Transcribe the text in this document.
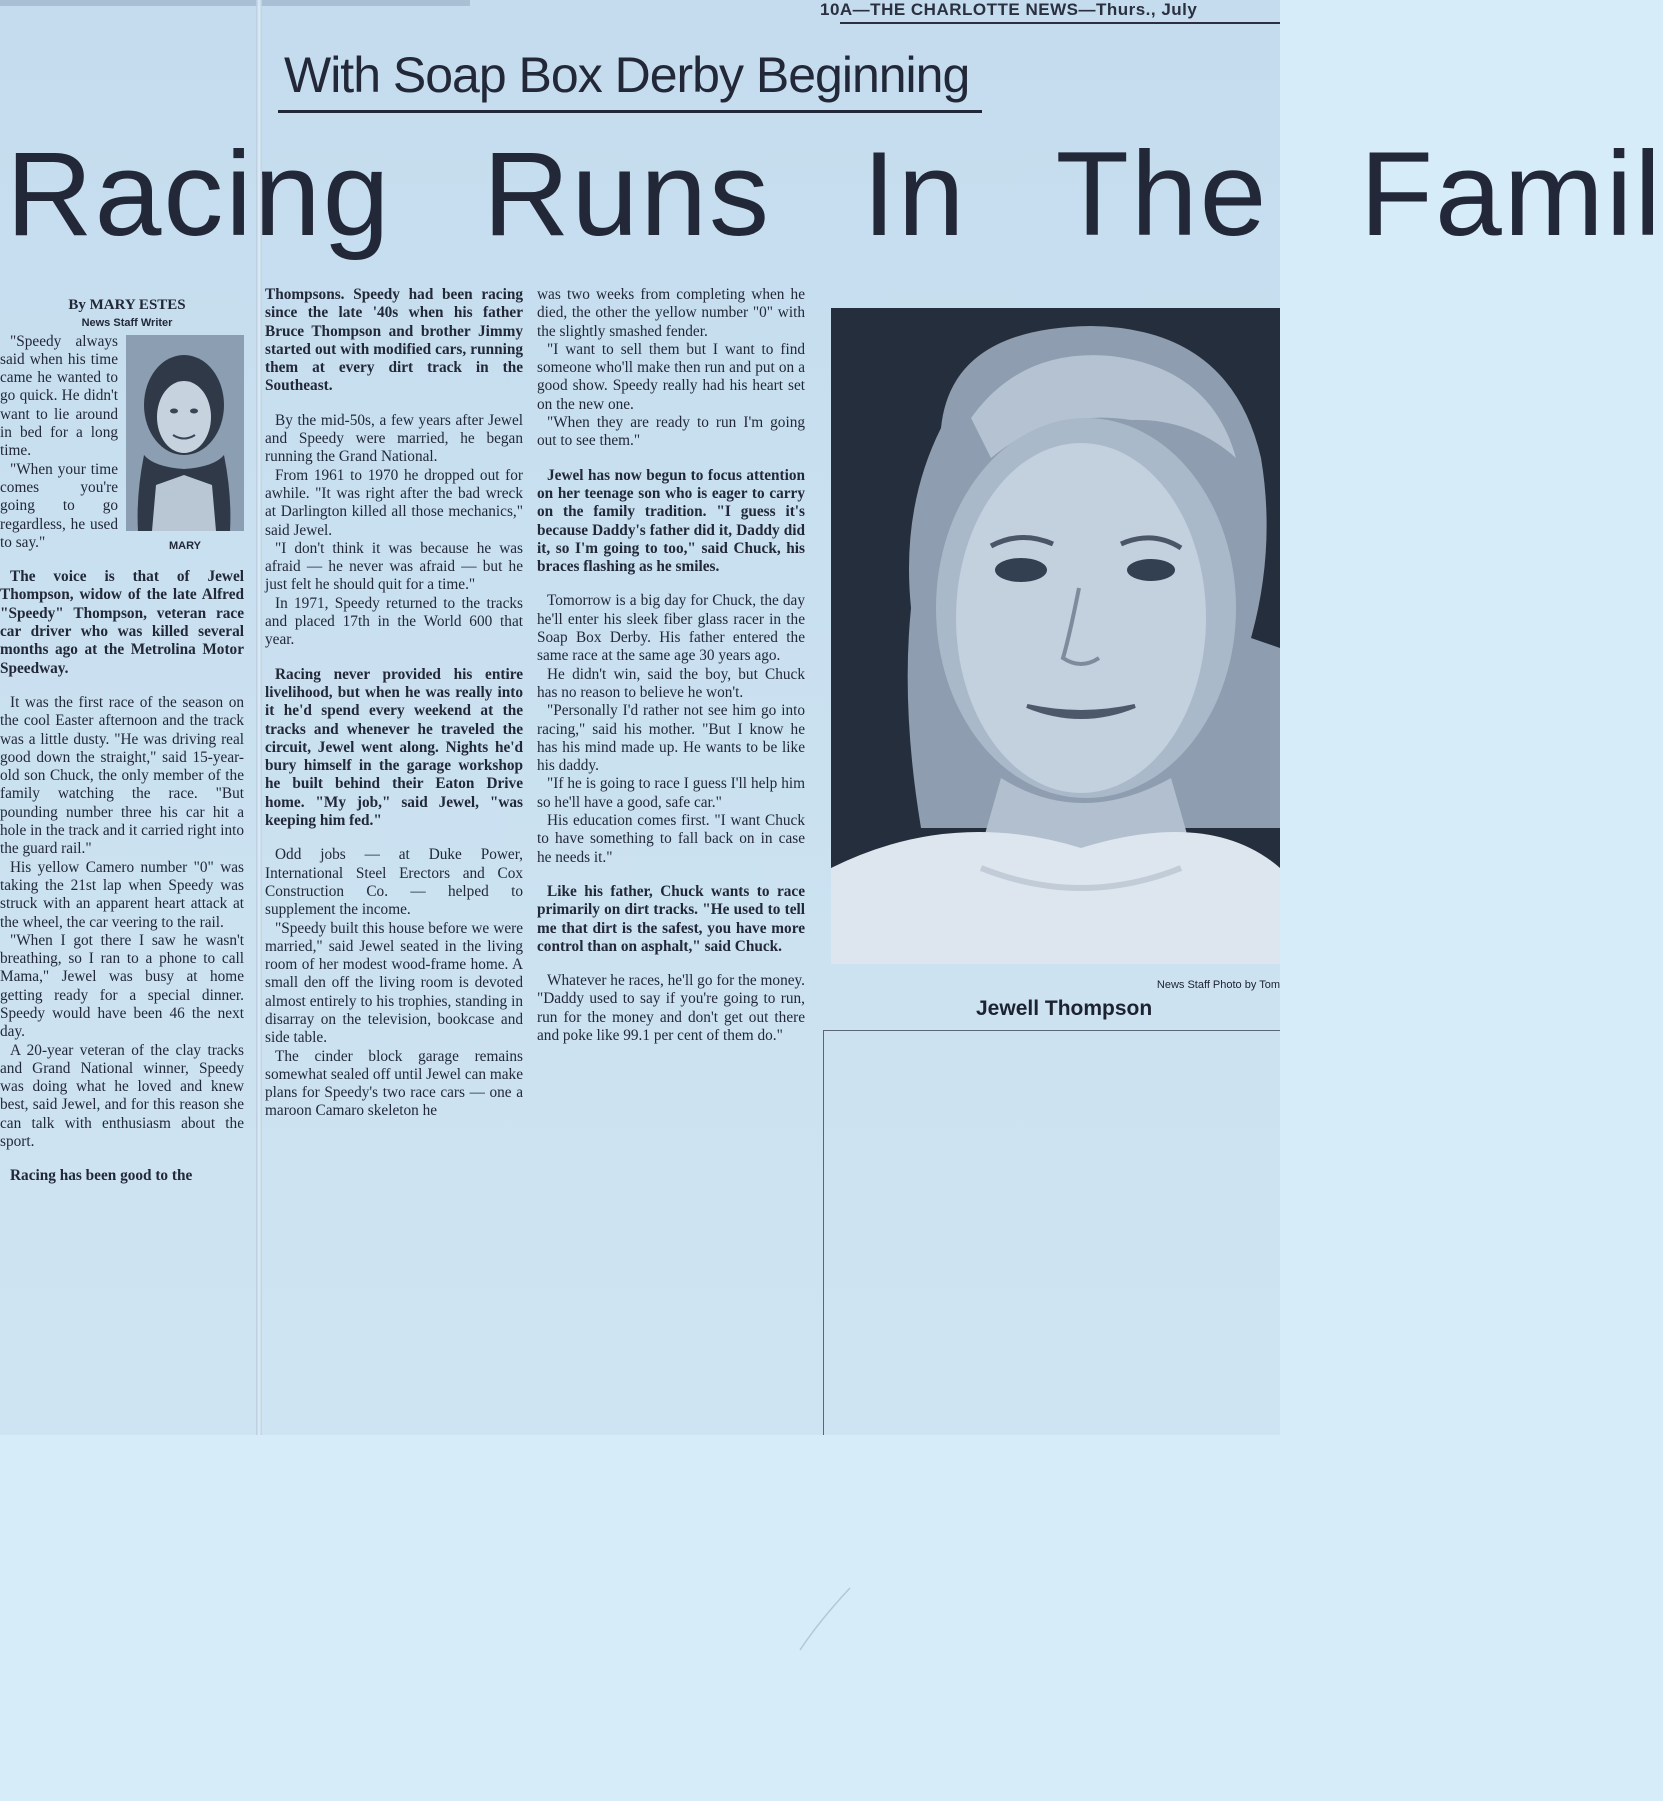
10A—THE CHARLOTTE NEWS—Thurs., July
With Soap Box Derby Beginning
Racing Runs In The Famil

By MARY ESTES

News Staff Writer

MARY

"Speedy always said when his time came he wanted to go quick. He didn't want to lie around in bed for a long time.

"When your time comes you're going to go regardless, he used to say."

The voice is that of Jewel Thompson, widow of the late Alfred "Speedy" Thompson, veteran race car driver who was killed several months ago at the Metrolina Motor Speedway.

It was the first race of the season on the cool Easter afternoon and the track was a little dusty. "He was driving real good down the straight," said 15-year-old son Chuck, the only member of the family watching the race. "But pounding number three his car hit a hole in the track and it carried right into the guard rail."

His yellow Camero number "0" was taking the 21st lap when Speedy was struck with an apparent heart attack at the wheel, the car veering to the rail.

"When I got there I saw he wasn't breathing, so I ran to a phone to call Mama," Jewel was busy at home getting ready for a special dinner. Speedy would have been 46 the next day.

A 20-year veteran of the clay tracks and Grand National winner, Speedy was doing what he loved and knew best, said Jewel, and for this reason she can talk with enthusiasm about the sport.

Racing has been good to the

Thompsons. Speedy had been racing since the late '40s when his father Bruce Thompson and brother Jimmy started out with modified cars, running them at every dirt track in the Southeast.

By the mid-50s, a few years after Jewel and Speedy were married, he began running the Grand National.

From 1961 to 1970 he dropped out for awhile. "It was right after the bad wreck at Darlington killed all those mechanics," said Jewel.

"I don't think it was because he was afraid — he never was afraid — but he just felt he should quit for a time."

In 1971, Speedy returned to the tracks and placed 17th in the World 600 that year.

Racing never provided his entire livelihood, but when he was really into it he'd spend every weekend at the tracks and whenever he traveled the circuit, Jewel went along. Nights he'd bury himself in the garage workshop he built behind their Eaton Drive home. "My job," said Jewel, "was keeping him fed."

Odd jobs — at Duke Power, International Steel Erectors and Cox Construction Co. — helped to supplement the income.

"Speedy built this house before we were married," said Jewel seated in the living room of her modest wood-frame home. A small den off the living room is devoted almost entirely to his trophies, standing in disarray on the television, bookcase and side table.

The cinder block garage remains somewhat sealed off until Jewel can make plans for Speedy's two race cars — one a maroon Camaro skeleton he

was two weeks from completing when he died, the other the yellow number "0" with the slightly smashed fender.

"I want to sell them but I want to find someone who'll make then run and put on a good show. Speedy really had his heart set on the new one.

"When they are ready to run I'm going out to see them."

Jewel has now begun to focus attention on her teenage son who is eager to carry on the family tradition. "I guess it's because Daddy's father did it, Daddy did it, so I'm going to too," said Chuck, his braces flashing as he smiles.

Tomorrow is a big day for Chuck, the day he'll enter his sleek fiber glass racer in the Soap Box Derby. His father entered the same race at the same age 30 years ago.

He didn't win, said the boy, but Chuck has no reason to believe he won't.

"Personally I'd rather not see him go into racing," said his mother. "But I know he has his mind made up. He wants to be like his daddy.

"If he is going to race I guess I'll help him so he'll have a good, safe car."

His education comes first. "I want Chuck to have something to fall back on in case he needs it."

Like his father, Chuck wants to race primarily on dirt tracks. "He used to tell me that dirt is the safest, you have more control than on asphalt," said Chuck.

Whatever he races, he'll go for the money. "Daddy used to say if you're going to run, run for the money and don't get out there and poke like 99.1 per cent of them do."

News Staff Photo by Tom
Jewell Thompson
